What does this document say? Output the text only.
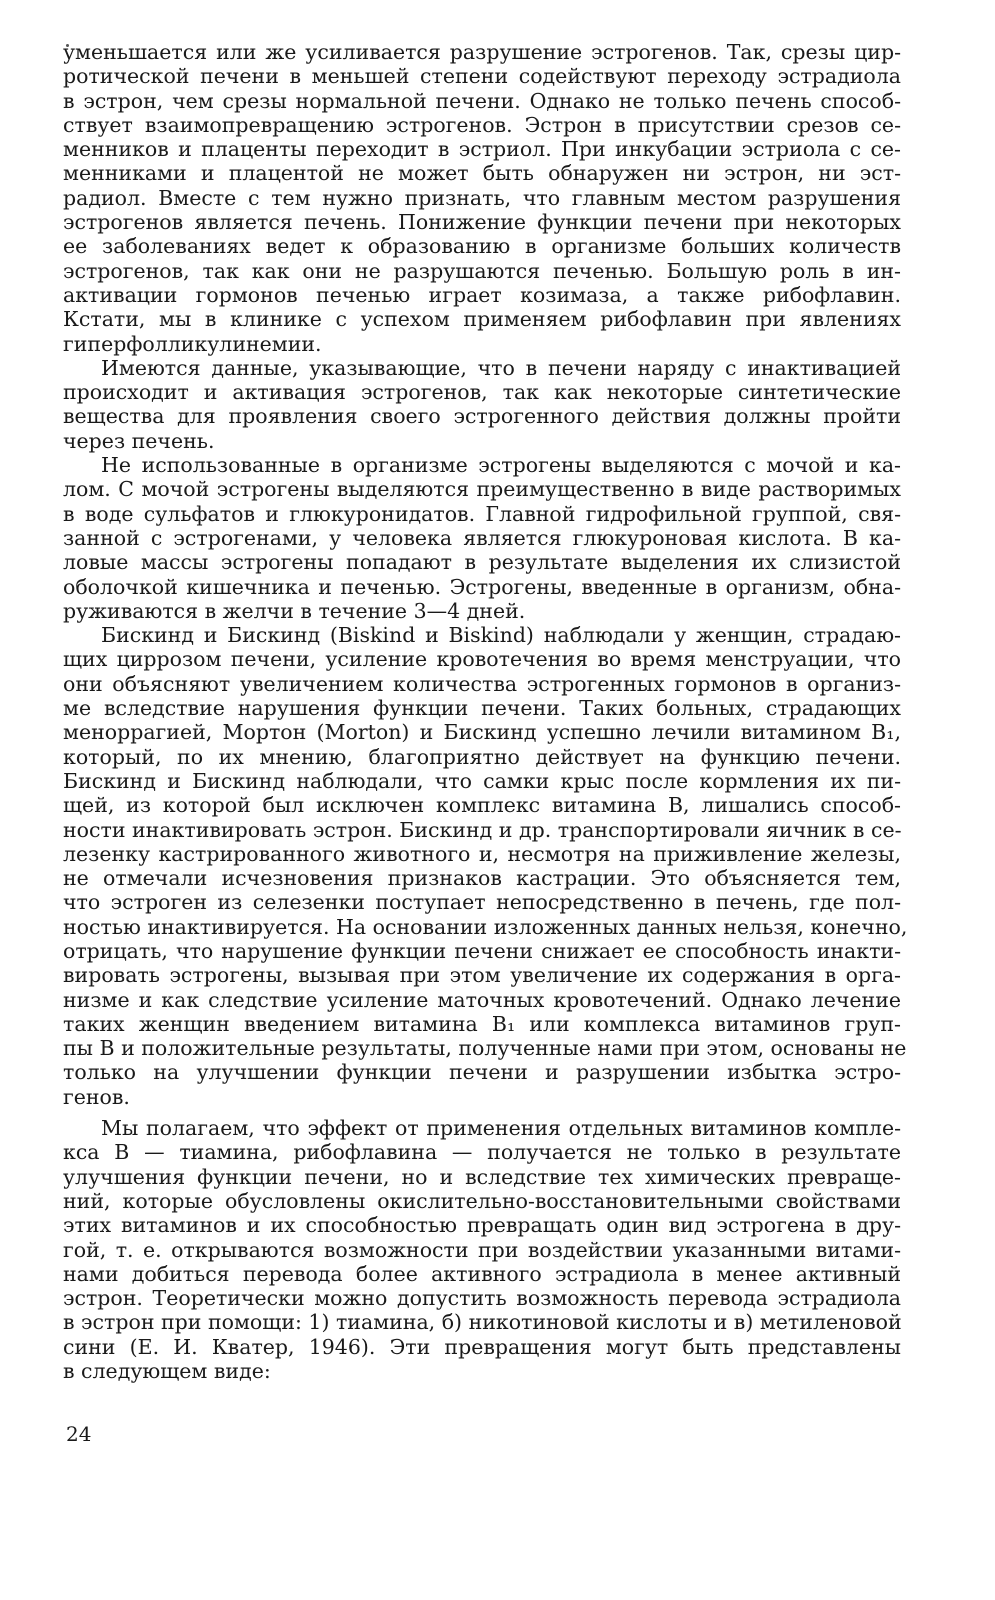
уменьшается или же усиливается разрушение эстрогенов. Так, срезы цир-
ротической печени в меньшей степени содействуют переходу эстрадиола
в эстрон, чем срезы нормальной печени. Однако не только печень способ-
ствует взаимопревращению эстрогенов. Эстрон в присутствии срезов се-
менников и плаценты переходит в эстриол. При инкубации эстриола с се-
менниками и плацентой не может быть обнаружен ни эстрон, ни эст-
радиол. Вместе с тем нужно признать, что главным местом разрушения
эстрогенов является печень. Понижение функции печени при некоторых
ее заболеваниях ведет к образованию в организме больших количеств
эстрогенов, так как они не разрушаются печенью. Большую роль в ин-
активации гормонов печенью играет козимаза, а также рибофлавин.
Кстати, мы в клинике с успехом применяем рибофлавин при явлениях
гиперфолликулинемии.
Имеются данные, указывающие, что в печени наряду с инактивацией
происходит и активация эстрогенов, так как некоторые синтетические
вещества для проявления своего эстрогенного действия должны пройти
через печень.
Не использованные в организме эстрогены выделяются с мочой и ка-
лом. С мочой эстрогены выделяются преимущественно в виде растворимых
в воде сульфатов и глюкуронидатов. Главной гидрофильной группой, свя-
занной с эстрогенами, у человека является глюкуроновая кислота. В ка-
ловые массы эстрогены попадают в результате выделения их слизистой
оболочкой кишечника и печенью. Эстрогены, введенные в организм, обна-
руживаются в желчи в течение 3—4 дней.
Бискинд и Бискинд (Biskind и Biskind) наблюдали у женщин, страдаю-
щих циррозом печени, усиление кровотечения во время менструации, что
они объясняют увеличением количества эстрогенных гормонов в организ-
ме вследствие нарушения функции печени. Таких больных, страдающих
меноррагией, Мортон (Morton) и Бискинд успешно лечили витамином B₁,
который, по их мнению, благоприятно действует на функцию печени.
Бискинд и Бискинд наблюдали, что самки крыс после кормления их пи-
щей, из которой был исключен комплекс витамина B, лишались способ-
ности инактивировать эстрон. Бискинд и др. транспортировали яичник в се-
лезенку кастрированного животного и, несмотря на приживление железы,
не отмечали исчезновения признаков кастрации. Это объясняется тем,
что эстроген из селезенки поступает непосредственно в печень, где пол-
ностью инактивируется. На основании изложенных данных нельзя, конечно,
отрицать, что нарушение функции печени снижает ее способность инакти-
вировать эстрогены, вызывая при этом увеличение их содержания в орга-
низме и как следствие усиление маточных кровотечений. Однако лечение
таких женщин введением витамина B₁ или комплекса витаминов груп-
пы B и положительные результаты, полученные нами при этом, основаны не
только на улучшении функции печени и разрушении избытка эстро-
генов.
Мы полагаем, что эффект от применения отдельных витаминов компле-
кса B — тиамина, рибофлавина — получается не только в результате
улучшения функции печени, но и вследствие тех химических превраще-
ний, которые обусловлены окислительно-восстановительными свойствами
этих витаминов и их способностью превращать один вид эстрогена в дру-
гой, т. е. открываются возможности при воздействии указанными витами-
нами добиться перевода более активного эстрадиола в менее активный
эстрон. Теоретически можно допустить возможность перевода эстрадиола
в эстрон при помощи: 1) тиамина, б) никотиновой кислоты и в) метиленовой
сини (Е. И. Кватер, 1946). Эти превращения могут быть представлены
в следующем виде:
24
